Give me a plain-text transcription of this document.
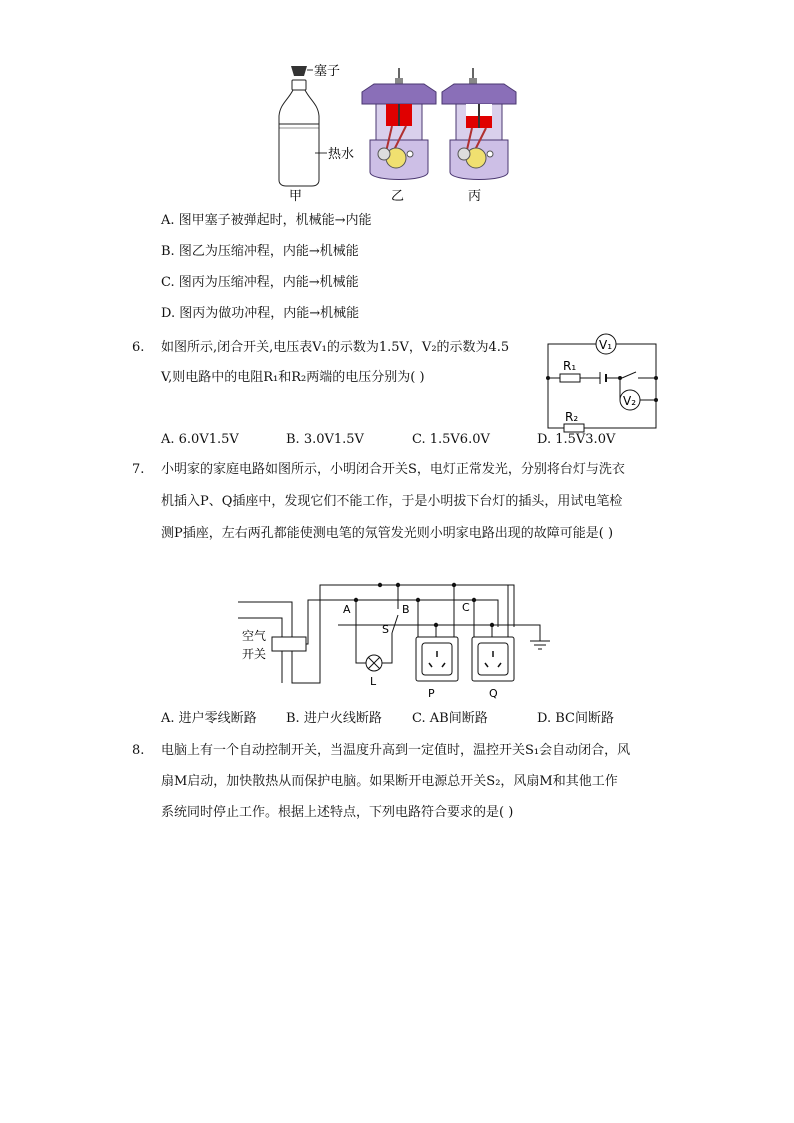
塞子
热水
甲	乙	丙
A. 图甲塞子被弹起时，机械能→内能
B. 图乙为压缩冲程，内能→机械能
C. 图丙为压缩冲程，内能→机械能
D. 图丙为做功冲程，内能→机械能
6. 如图所示,闭合开关,电压表V₁的示数为1.5V，V₂的示数为4.5
V,则电路中的电阻R₁和R₂两端的电压分别为( )
V₁
V₂
R₁
R₂
A. 6.0V1.5V	B. 3.0V1.5V	C. 1.5V6.0V	D. 1.5V3.0V
7. 小明家的家庭电路如图所示，小明闭合开关S，电灯正常发光，分别将台灯与洗衣
机插入P、Q插座中，发现它们不能工作，于是小明拔下台灯的插头，用试电笔检
测P插座，左右两孔都能使测电笔的氖管发光则小明家电路出现的故障可能是( )
空气
开关
A	B	C
S
L
P	Q
A. 进户零线断路 B. 进户火线断路 C. AB间断路	D. BC间断路
8. 电脑上有一个自动控制开关，当温度升高到一定值时，温控开关S₁会自动闭合，风
扇M启动，加快散热从而保护电脑。如果断开电源总开关S₂，风扇M和其他工作
系统同时停止工作。根据上述特点，下列电路符合要求的是( )
